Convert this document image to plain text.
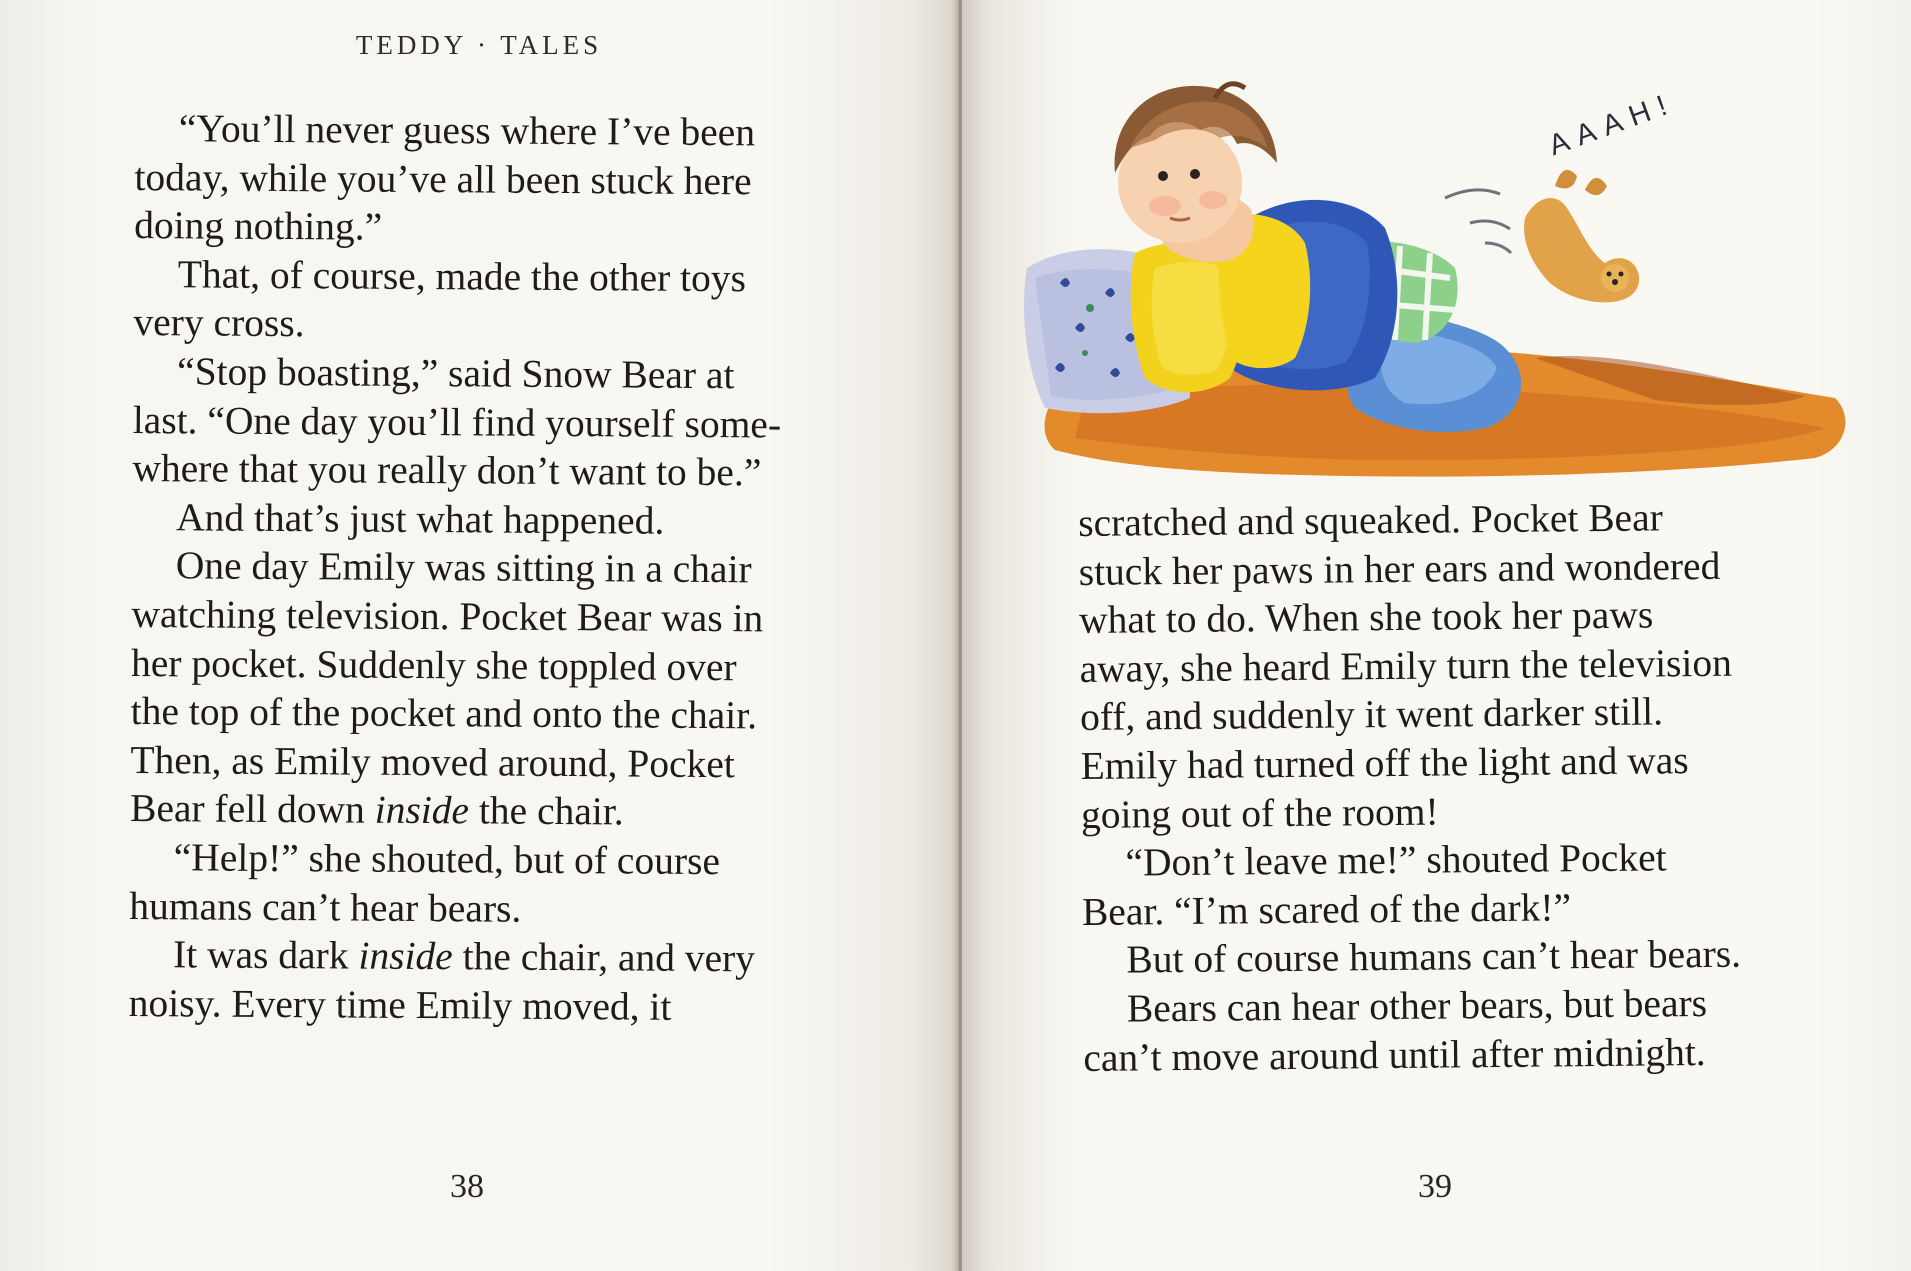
TEDDY · TALES

“You’ll never guess where I’ve been

today, while you’ve all been stuck here

doing nothing.”

That, of course, made the other toys

very cross.

“Stop boasting,” said Snow Bear at

last. “One day you’ll find yourself some-

where that you really don’t want to be.”

And that’s just what happened.

One day Emily was sitting in a chair

watching television. Pocket Bear was in

her pocket. Suddenly she toppled over

the top of the pocket and onto the chair.

Then, as Emily moved around, Pocket

Bear fell down inside the chair.

“Help!” she shouted, but of course

humans can’t hear bears.

It was dark inside the chair, and very

noisy. Every time Emily moved, it

38
AAAH!

scratched and squeaked. Pocket Bear

stuck her paws in her ears and wondered

what to do. When she took her paws

away, she heard Emily turn the television

off, and suddenly it went darker still.

Emily had turned off the light and was

going out of the room!

“Don’t leave me!” shouted Pocket

Bear. “I’m scared of the dark!”

But of course humans can’t hear bears.

Bears can hear other bears, but bears

can’t move around until after midnight.

39
